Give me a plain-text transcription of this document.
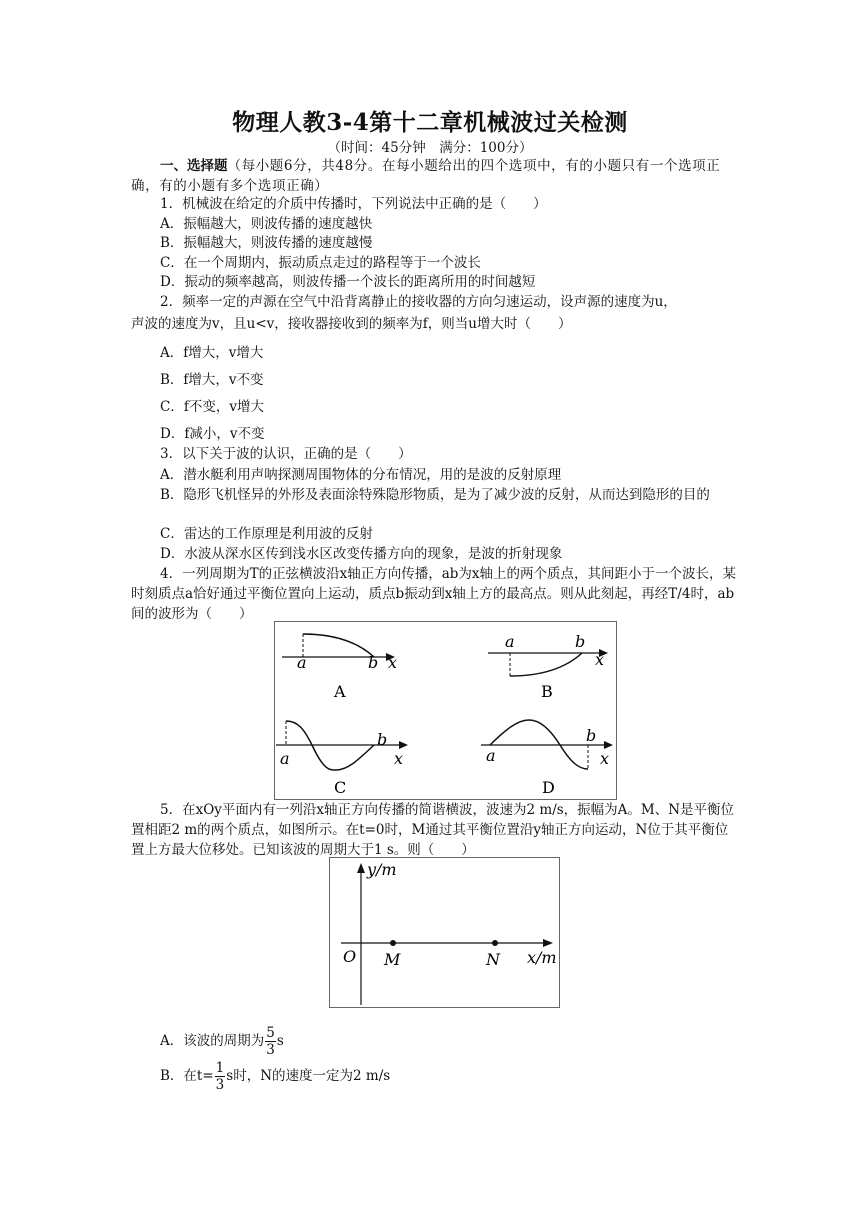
物理人教3-4第十二章机械波过关检测
（时间：45分钟　满分：100分）
一、选择题（每小题6分，共48分。在每小题给出的四个选项中，有的小题只有一个选项正确，有的小题有多个选项正确）
1．机械波在给定的介质中传播时，下列说法中正确的是（　　）
A．振幅越大，则波传播的速度越快
B．振幅越大，则波传播的速度越慢
C．在一个周期内，振动质点走过的路程等于一个波长
D．振动的频率越高，则波传播一个波长的距离所用的时间越短
2．频率一定的声源在空气中沿背离静止的接收器的方向匀速运动，设声源的速度为u，
声波的速度为v，且u<v，接收器接收到的频率为f，则当u增大时（　　）
A．f增大，v增大
B．f增大，v不变
C．f不变，v增大
D．f减小，v不变
3．以下关于波的认识，正确的是（　　）
A．潜水艇利用声呐探测周围物体的分布情况，用的是波的反射原理
B．隐形飞机怪异的外形及表面涂特殊隐形物质，是为了减少波的反射，从而达到隐形的目的
C．雷达的工作原理是利用波的反射
D．水波从深水区传到浅水区改变传播方向的现象，是波的折射现象
4．一列周期为T的正弦横波沿x轴正方向传播，ab为x轴上的两个质点，其间距小于一个波长，某时刻质点a恰好通过平衡位置向上运动，质点b振动到x轴上方的最高点。则从此刻起，再经T/4时，ab间的波形为（　　）
a	b x
A
a	b
x
B
a
b
x
C
a
b
x
D
5．在xOy平面内有一列沿x轴正方向传播的简谐横波，波速为2 m/s，振幅为A。M、N是平衡位置相距2 m的两个质点，如图所示。在t=0时，M通过其平衡位置沿y轴正方向运动，N位于其平衡位置上方最大位移处。已知该波的周期大于1 s。则（　　）
y/m
O M	N x/m
A．该波的周期为 $\frac{5}{3}$ s
B．在$t= \frac{1}{3}$ s时，N的速度一定为2 m/s
